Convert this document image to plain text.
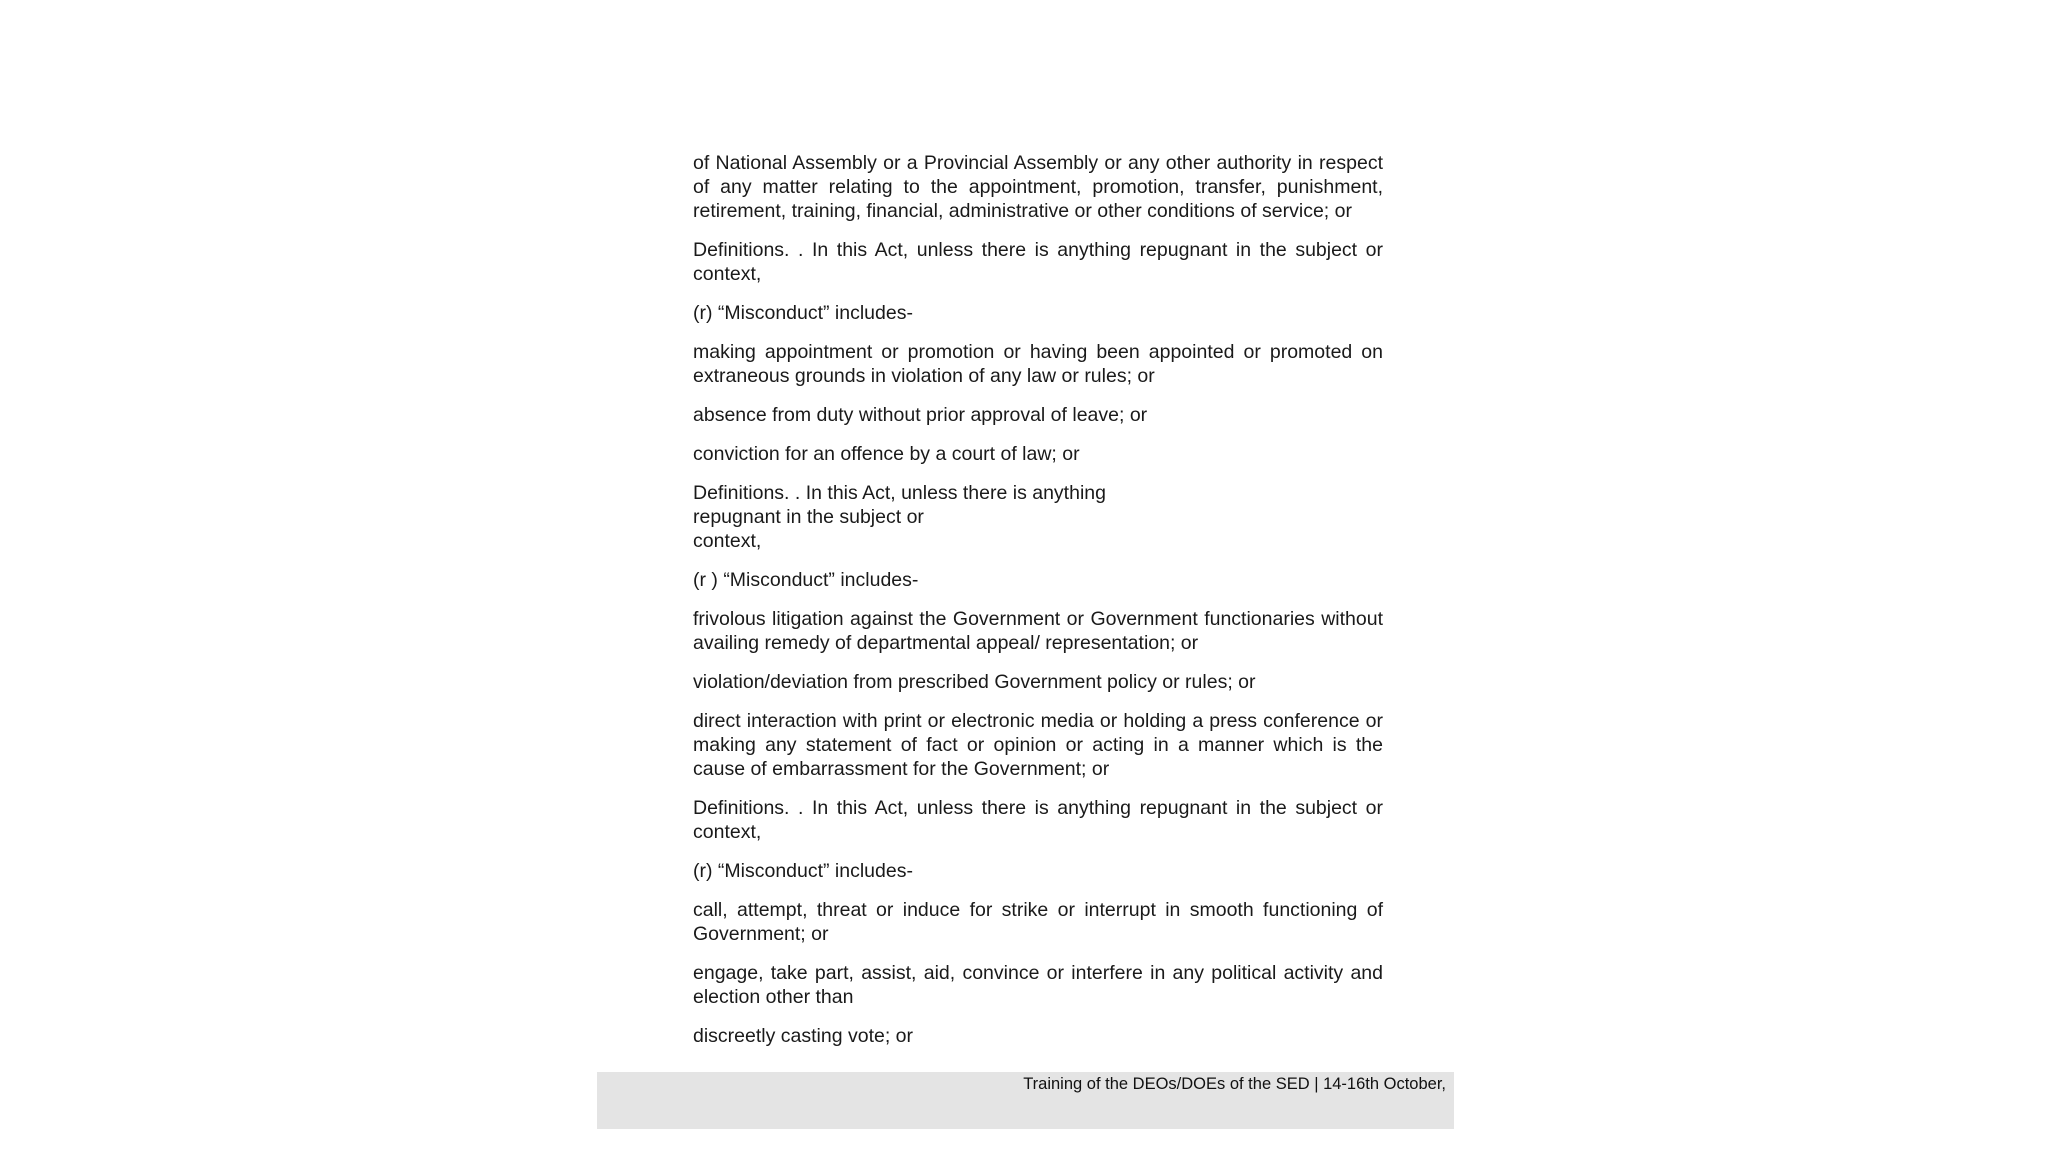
of National Assembly or a Provincial Assembly or any other authority in respect of any matter relating to the appointment, promotion, transfer, punishment, retirement, training, financial, administrative or other conditions of service; or

Definitions. . In this Act, unless there is anything repugnant in the subject or context,

(r) “Misconduct” includes-

making appointment or promotion or having been appointed or promoted on extraneous grounds in violation of any law or rules; or

absence from duty without prior approval of leave; or

conviction for an offence by a court of law; or

Definitions. . In this Act, unless there is anything
repugnant in the subject or
context,

(r ) “Misconduct” includes-

frivolous litigation against the Government or Government functionaries without availing remedy of departmental appeal/ representation; or

violation/deviation from prescribed Government policy or rules; or

direct interaction with print or electronic media or holding a press conference or making any statement of fact or opinion or acting in a manner which is the cause of embarrassment for the Government; or

Definitions. . In this Act, unless there is anything repugnant in the subject or context,

(r) “Misconduct” includes-

call, attempt, threat or induce for strike or interrupt in smooth functioning of Government; or

engage, take part, assist, aid, convince or interfere in any political activity and election other than

discreetly casting vote; or

Training of the DEOs/DOEs of the SED | 14-16th October,
